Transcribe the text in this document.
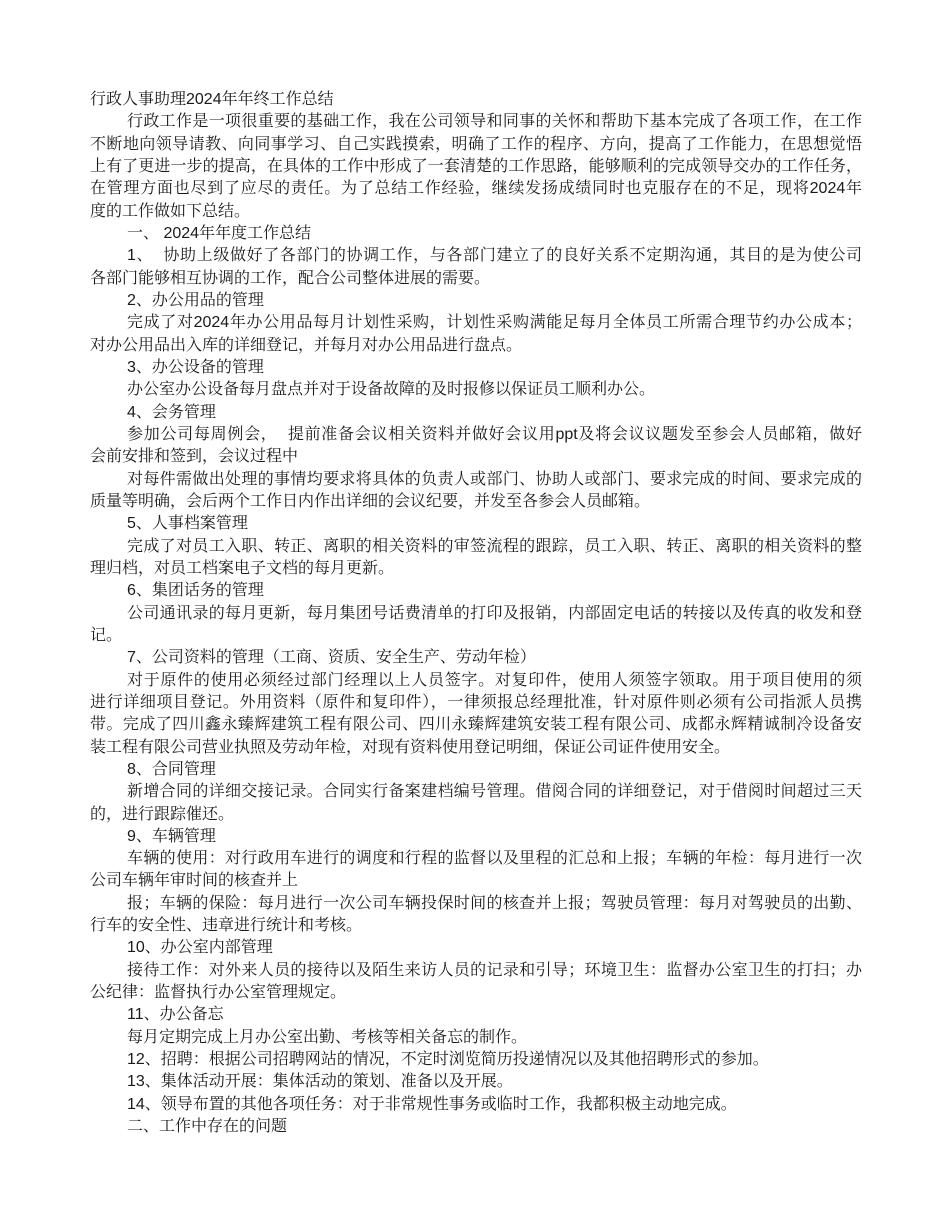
行政人事助理2024年年终工作总结
行政工作是一项很重要的基础工作，我在公司领导和同事的关怀和帮助下基本完成了各项工作，在工作
不断地向领导请教、向同事学习、自己实践摸索，明确了工作的程序、方向，提高了工作能力，在思想觉悟
上有了更进一步的提高，在具体的工作中形成了一套清楚的工作思路，能够顺利的完成领导交办的工作任务，
在管理方面也尽到了应尽的责任。为了总结工作经验，继续发扬成绩同时也克服存在的不足，现将2024年
度的工作做如下总结。
一、 2024年年度工作总结
1、  协助上级做好了各部门的协调工作，与各部门建立了的良好关系不定期沟通，其目的是为使公司
各部门能够相互协调的工作，配合公司整体进展的需要。
2、办公用品的管理
完成了对2024年办公用品每月计划性采购，计划性采购满能足每月全体员工所需合理节约办公成本；
对办公用品出入库的详细登记，并每月对办公用品进行盘点。
3、办公设备的管理
办公室办公设备每月盘点并对于设备故障的及时报修以保证员工顺利办公。
4、会务管理
参加公司每周例会，  提前准备会议相关资料并做好会议用ppt及将会议议题发至参会人员邮箱，做好
会前安排和签到，会议过程中
对每件需做出处理的事情均要求将具体的负责人或部门、协助人或部门、要求完成的时间、要求完成的
质量等明确，会后两个工作日内作出详细的会议纪要，并发至各参会人员邮箱。
5、人事档案管理
完成了对员工入职、转正、离职的相关资料的审签流程的跟踪，员工入职、转正、离职的相关资料的整
理归档，对员工档案电子文档的每月更新。
6、集团话务的管理
公司通讯录的每月更新，每月集团号话费清单的打印及报销，内部固定电话的转接以及传真的收发和登
记。
7、公司资料的管理（工商、资质、安全生产、劳动年检）
对于原件的使用必须经过部门经理以上人员签字。对复印件，使用人须签字领取。用于项目使用的须
进行详细项目登记。外用资料（原件和复印件），一律须报总经理批准，针对原件则必须有公司指派人员携
带。完成了四川鑫永臻辉建筑工程有限公司、四川永臻辉建筑安装工程有限公司、成都永辉精诚制冷设备安
装工程有限公司营业执照及劳动年检，对现有资料使用登记明细，保证公司证件使用安全。
8、合同管理
新增合同的详细交接记录。合同实行备案建档编号管理。借阅合同的详细登记，对于借阅时间超过三天
的，进行跟踪催还。
9、车辆管理
车辆的使用：对行政用车进行的调度和行程的监督以及里程的汇总和上报；车辆的年检：每月进行一次
公司车辆年审时间的核查并上
报；车辆的保险：每月进行一次公司车辆投保时间的核查并上报；驾驶员管理：每月对驾驶员的出勤、
行车的安全性、违章进行统计和考核。
10、办公室内部管理
接待工作：对外来人员的接待以及陌生来访人员的记录和引导；环境卫生：监督办公室卫生的打扫；办
公纪律：监督执行办公室管理规定。
11、办公备忘
每月定期完成上月办公室出勤、考核等相关备忘的制作。
12、招聘：根据公司招聘网站的情况，不定时浏览简历投递情况以及其他招聘形式的参加。
13、集体活动开展：集体活动的策划、准备以及开展。
14、领导布置的其他各项任务：对于非常规性事务或临时工作，我都积极主动地完成。
二、工作中存在的问题
